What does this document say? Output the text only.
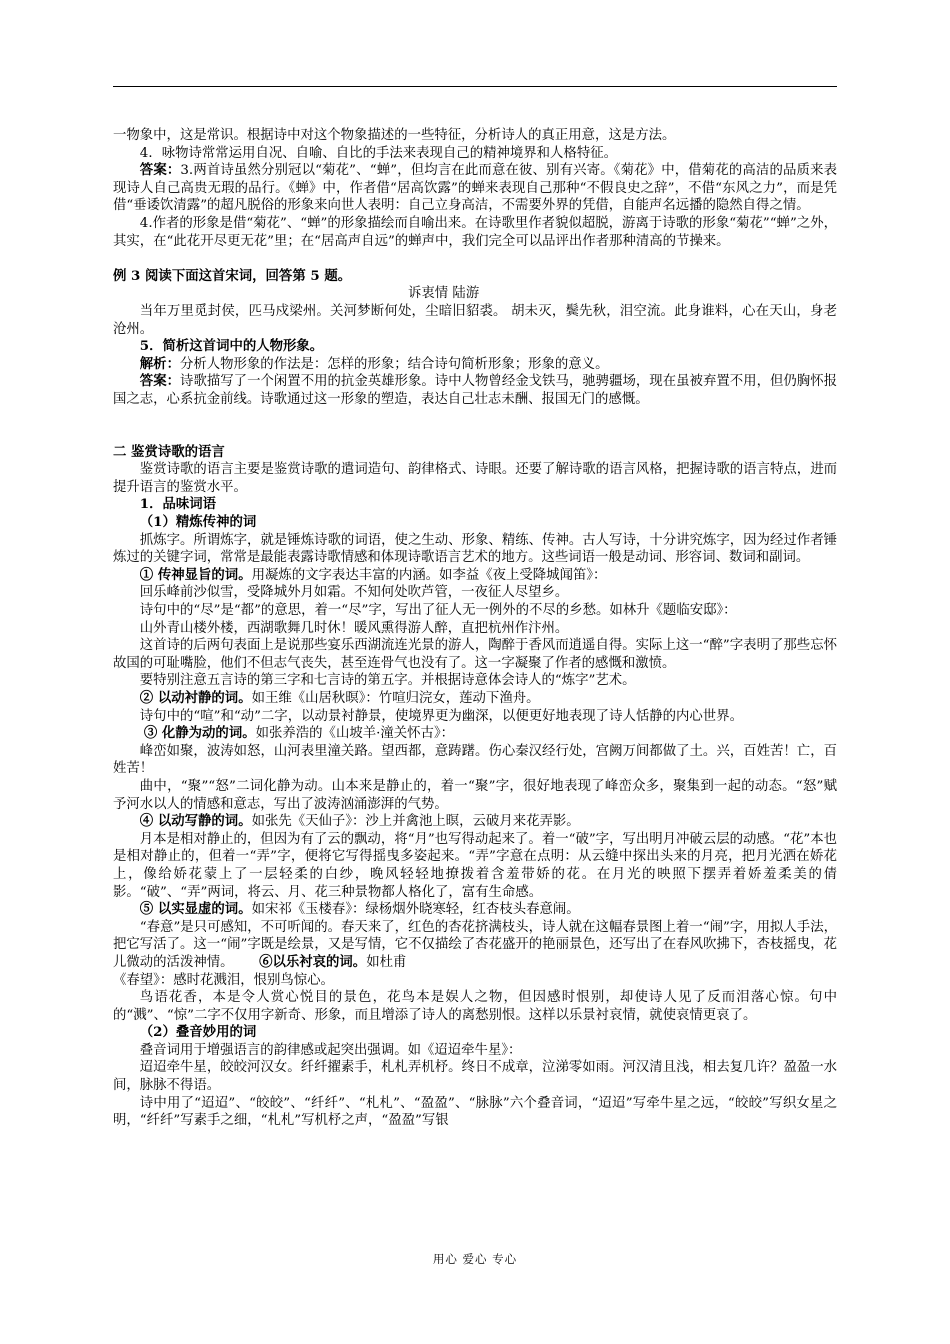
一物象中，这是常识。根据诗中对这个物象描述的一些特征，分析诗人的真正用意，这是方法。

4．咏物诗常常运用自况、自喻、自比的手法来表现自己的精神境界和人格特征。

答案：3.两首诗虽然分别冠以“菊花”、“蝉”，但均言在此而意在彼、别有兴寄。《菊花》中，借菊花的高洁的品质来表现诗人自己高贵无瑕的品行。《蝉》中，作者借“居高饮露”的蝉来表现自己那种“不假良史之辞”，不借“东风之力”，而是凭借“垂诿饮清露”的超凡脱俗的形象来向世人表明：自己立身高洁，不需要外界的凭借，自能声名远播的隐然自得之情。

4.作者的形象是借“菊花”、“蝉”的形象描绘而自喻出来。在诗歌里作者貌似超脱，游离于诗歌的形象“菊花”“蝉”之外，其实，在“此花开尽更无花”里；在“居高声自远”的蝉声中，我们完全可以品评出作者那种清高的节操来。

例 3 阅读下面这首宋词，回答第 5 题。

诉衷情 陆游

当年万里觅封侯，匹马戍梁州。关河梦断何处，尘暗旧貂裘。 胡未灭，鬓先秋，泪空流。此身谁料，心在天山，身老沧州。

5．简析这首词中的人物形象。

解析：分析人物形象的作法是：怎样的形象；结合诗句简析形象；形象的意义。

答案：诗歌描写了一个闲置不用的抗金英雄形象。诗中人物曾经金戈铁马，驰骋疆场，现在虽被弃置不用，但仍胸怀报国之志，心系抗金前线。诗歌通过这一形象的塑造，表达自己壮志未酬、报国无门的感慨。

二 鉴赏诗歌的语言

鉴赏诗歌的语言主要是鉴赏诗歌的遣词造句、韵律格式、诗眼。还要了解诗歌的语言风格，把握诗歌的语言特点，进而提升语言的鉴赏水平。

1．品味词语

（1）精炼传神的词

抓炼字。所谓炼字，就是锤炼诗歌的词语，使之生动、形象、精练、传神。古人写诗，十分讲究炼字，因为经过作者锤炼过的关键字词，常常是最能表露诗歌情感和体现诗歌语言艺术的地方。这些词语一般是动词、形容词、数词和副词。

① 传神显旨的词。用凝炼的文字表达丰富的内涵。如李益《夜上受降城闻笛》：

回乐峰前沙似雪，受降城外月如霜。不知何处吹芦管，一夜征人尽望乡。

诗句中的“尽”是“都”的意思，着一“尽”字，写出了征人无一例外的不尽的乡愁。如林升《题临安邸》：

山外青山楼外楼，西湖歌舞几时休！暖风熏得游人醉，直把杭州作汴州。

这首诗的后两句表面上是说那些宴乐西湖流连光景的游人，陶醉于香风而逍遥自得。实际上这一“醉”字表明了那些忘怀故国的可耻嘴脸，他们不但志气丧失，甚至连骨气也没有了。这一字凝聚了作者的感慨和激愤。

要特别注意五言诗的第三字和七言诗的第五字。并根据诗意体会诗人的“炼字”艺术。

② 以动衬静的词。如王维《山居秋暝》：竹喧归浣女，莲动下渔舟。

诗句中的“喧”和“动”二字，以动景衬静景，使境界更为幽深，以便更好地表现了诗人恬静的内心世界。

③ 化静为动的词。如张养浩的《山坡羊·潼关怀古》：

峰峦如聚，波涛如怒，山河表里潼关路。望西都，意踌躇。伤心秦汉经行处，宫阙万间都做了土。兴，百姓苦！亡，百姓苦！

曲中，“聚”“怒”二词化静为动。山本来是静止的，着一“聚”字，很好地表现了峰峦众多，聚集到一起的动态。“怒”赋予河水以人的情感和意志，写出了波涛汹涌澎湃的气势。

④ 以动写静的词。如张先《天仙子》：沙上并禽池上暝，云破月来花弄影。

月本是相对静止的，但因为有了云的飘动，将“月”也写得动起来了。着一“破”字，写出明月冲破云层的动感。“花”本也是相对静止的，但着一“弄”字，便将它写得摇曳多姿起来。“弄”字意在点明：从云缝中探出头来的月亮，把月光洒在娇花上，像给娇花蒙上了一层轻柔的白纱，晚风轻轻地撩拨着含羞带娇的花。在月光的映照下摆弄着娇羞柔美的倩影。“破”、“弄”两词，将云、月、花三种景物都人格化了，富有生命感。

⑤ 以实显虚的词。如宋祁《玉楼春》：绿杨烟外晓寒轻，红杏枝头春意闹。

“春意”是只可感知，不可听闻的。春天来了，红色的杏花挤满枝头，诗人就在这幅春景图上着一“闹”字，用拟人手法，把它写活了。这一“闹”字既是绘景，又是写情，它不仅描绘了杏花盛开的艳丽景色，还写出了在春风吹拂下，杏枝摇曳，花儿微动的活泼神情。 ⑥以乐衬哀的词。如杜甫

《春望》：感时花溅泪，恨别鸟惊心。

鸟语花香，本是令人赏心悦目的景色，花鸟本是娱人之物，但因感时恨别，却使诗人见了反而泪落心惊。句中的“溅”、“惊”二字不仅用字新奇、形象，而且增添了诗人的离愁别恨。这样以乐景衬哀情，就使哀情更哀了。

（2）叠音妙用的词

叠音词用于增强语言的韵律感或起突出强调。如《迢迢牵牛星》：

迢迢牵牛星，皎皎河汉女。纤纤擢素手，札札弄机杼。终日不成章，泣涕零如雨。河汉清且浅，相去复几许？盈盈一水间，脉脉不得语。

诗中用了“迢迢”、“皎皎”、“纤纤”、“札札”、“盈盈”、“脉脉”六个叠音词，“迢迢”写牵牛星之远，“皎皎”写织女星之明，“纤纤”写素手之细，“札札”写机杼之声，“盈盈”写银

用心 爱心 专心
